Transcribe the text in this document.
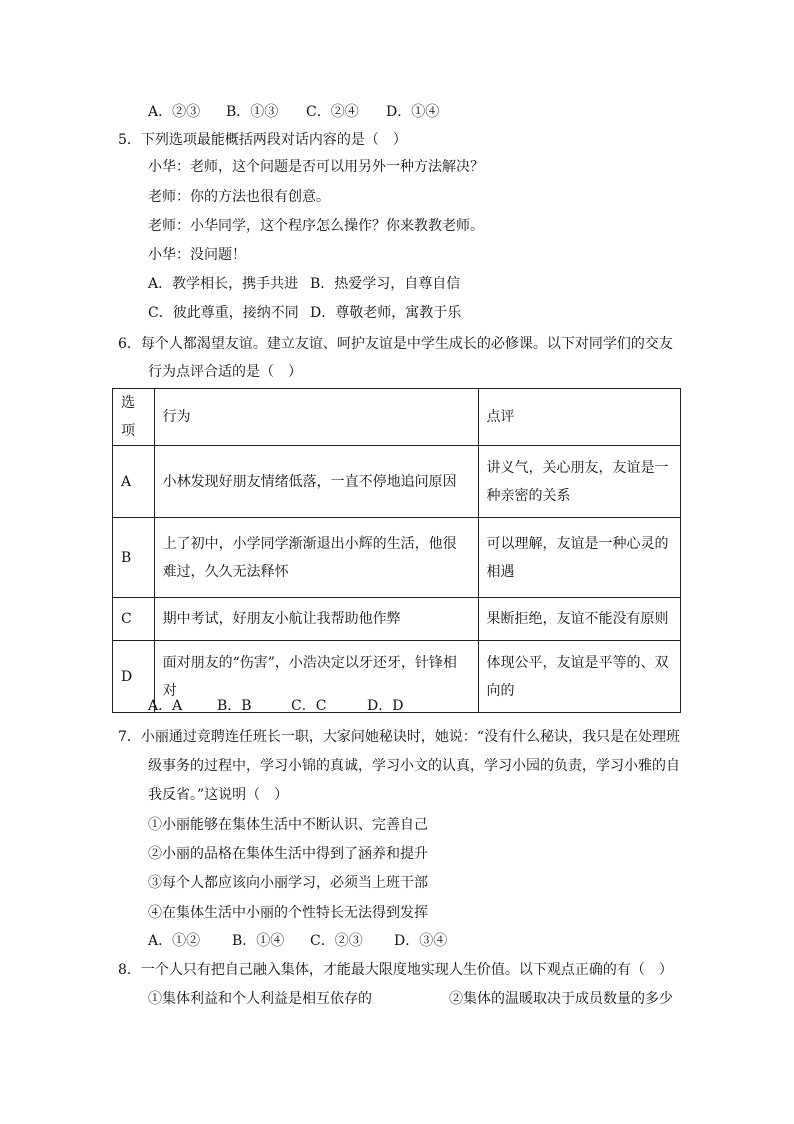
A．②③ B．①③ C．②④ D．①④
5．下列选项最能概括两段对话内容的是（　）
小华：老师，这个问题是否可以用另外一种方法解决？
老师：你的方法也很有创意。
老师：小华同学，这个程序怎么操作？你来教教老师。
小华：没问题！
A．教学相长，携手共进 B．热爱学习，自尊自信
C．彼此尊重，接纳不同 D．尊敬老师，寓教于乐
6．每个人都渴望友谊。建立友谊、呵护友谊是中学生成长的必修课。以下对同学们的交友
行为点评合适的是（　）
选项	行为	点评
A	小林发现好朋友情绪低落，一直不停地追问原因	讲义气，关心朋友，友谊是一种亲密的关系
B	上了初中，小学同学渐渐退出小辉的生活，他很难过，久久无法释怀	可以理解，友谊是一种心灵的相遇
C	期中考试，好朋友小航让我帮助他作弊	果断拒绝，友谊不能没有原则
D	面对朋友的“伤害”，小浩决定以牙还牙，针锋相对	体现公平，友谊是平等的、双向的
A．A B．B	C．C	D．D
7．小丽通过竞聘连任班长一职，大家问她秘诀时，她说：“没有什么秘诀，我只是在处理班
级事务的过程中，学习小锦的真诚，学习小文的认真，学习小园的负责，学习小雅的自
我反省。”这说明（　）
①小丽能够在集体生活中不断认识、完善自己
②小丽的品格在集体生活中得到了涵养和提升
③每个人都应该向小丽学习，必须当上班干部
④在集体生活中小丽的个性特长无法得到发挥
A．①② B．①④ C．②③ D．③④
8．一个人只有把自己融入集体，才能最大限度地实现人生价值。以下观点正确的有（　）
①集体利益和个人利益是相互依存的	②集体的温暖取决于成员数量的多少
